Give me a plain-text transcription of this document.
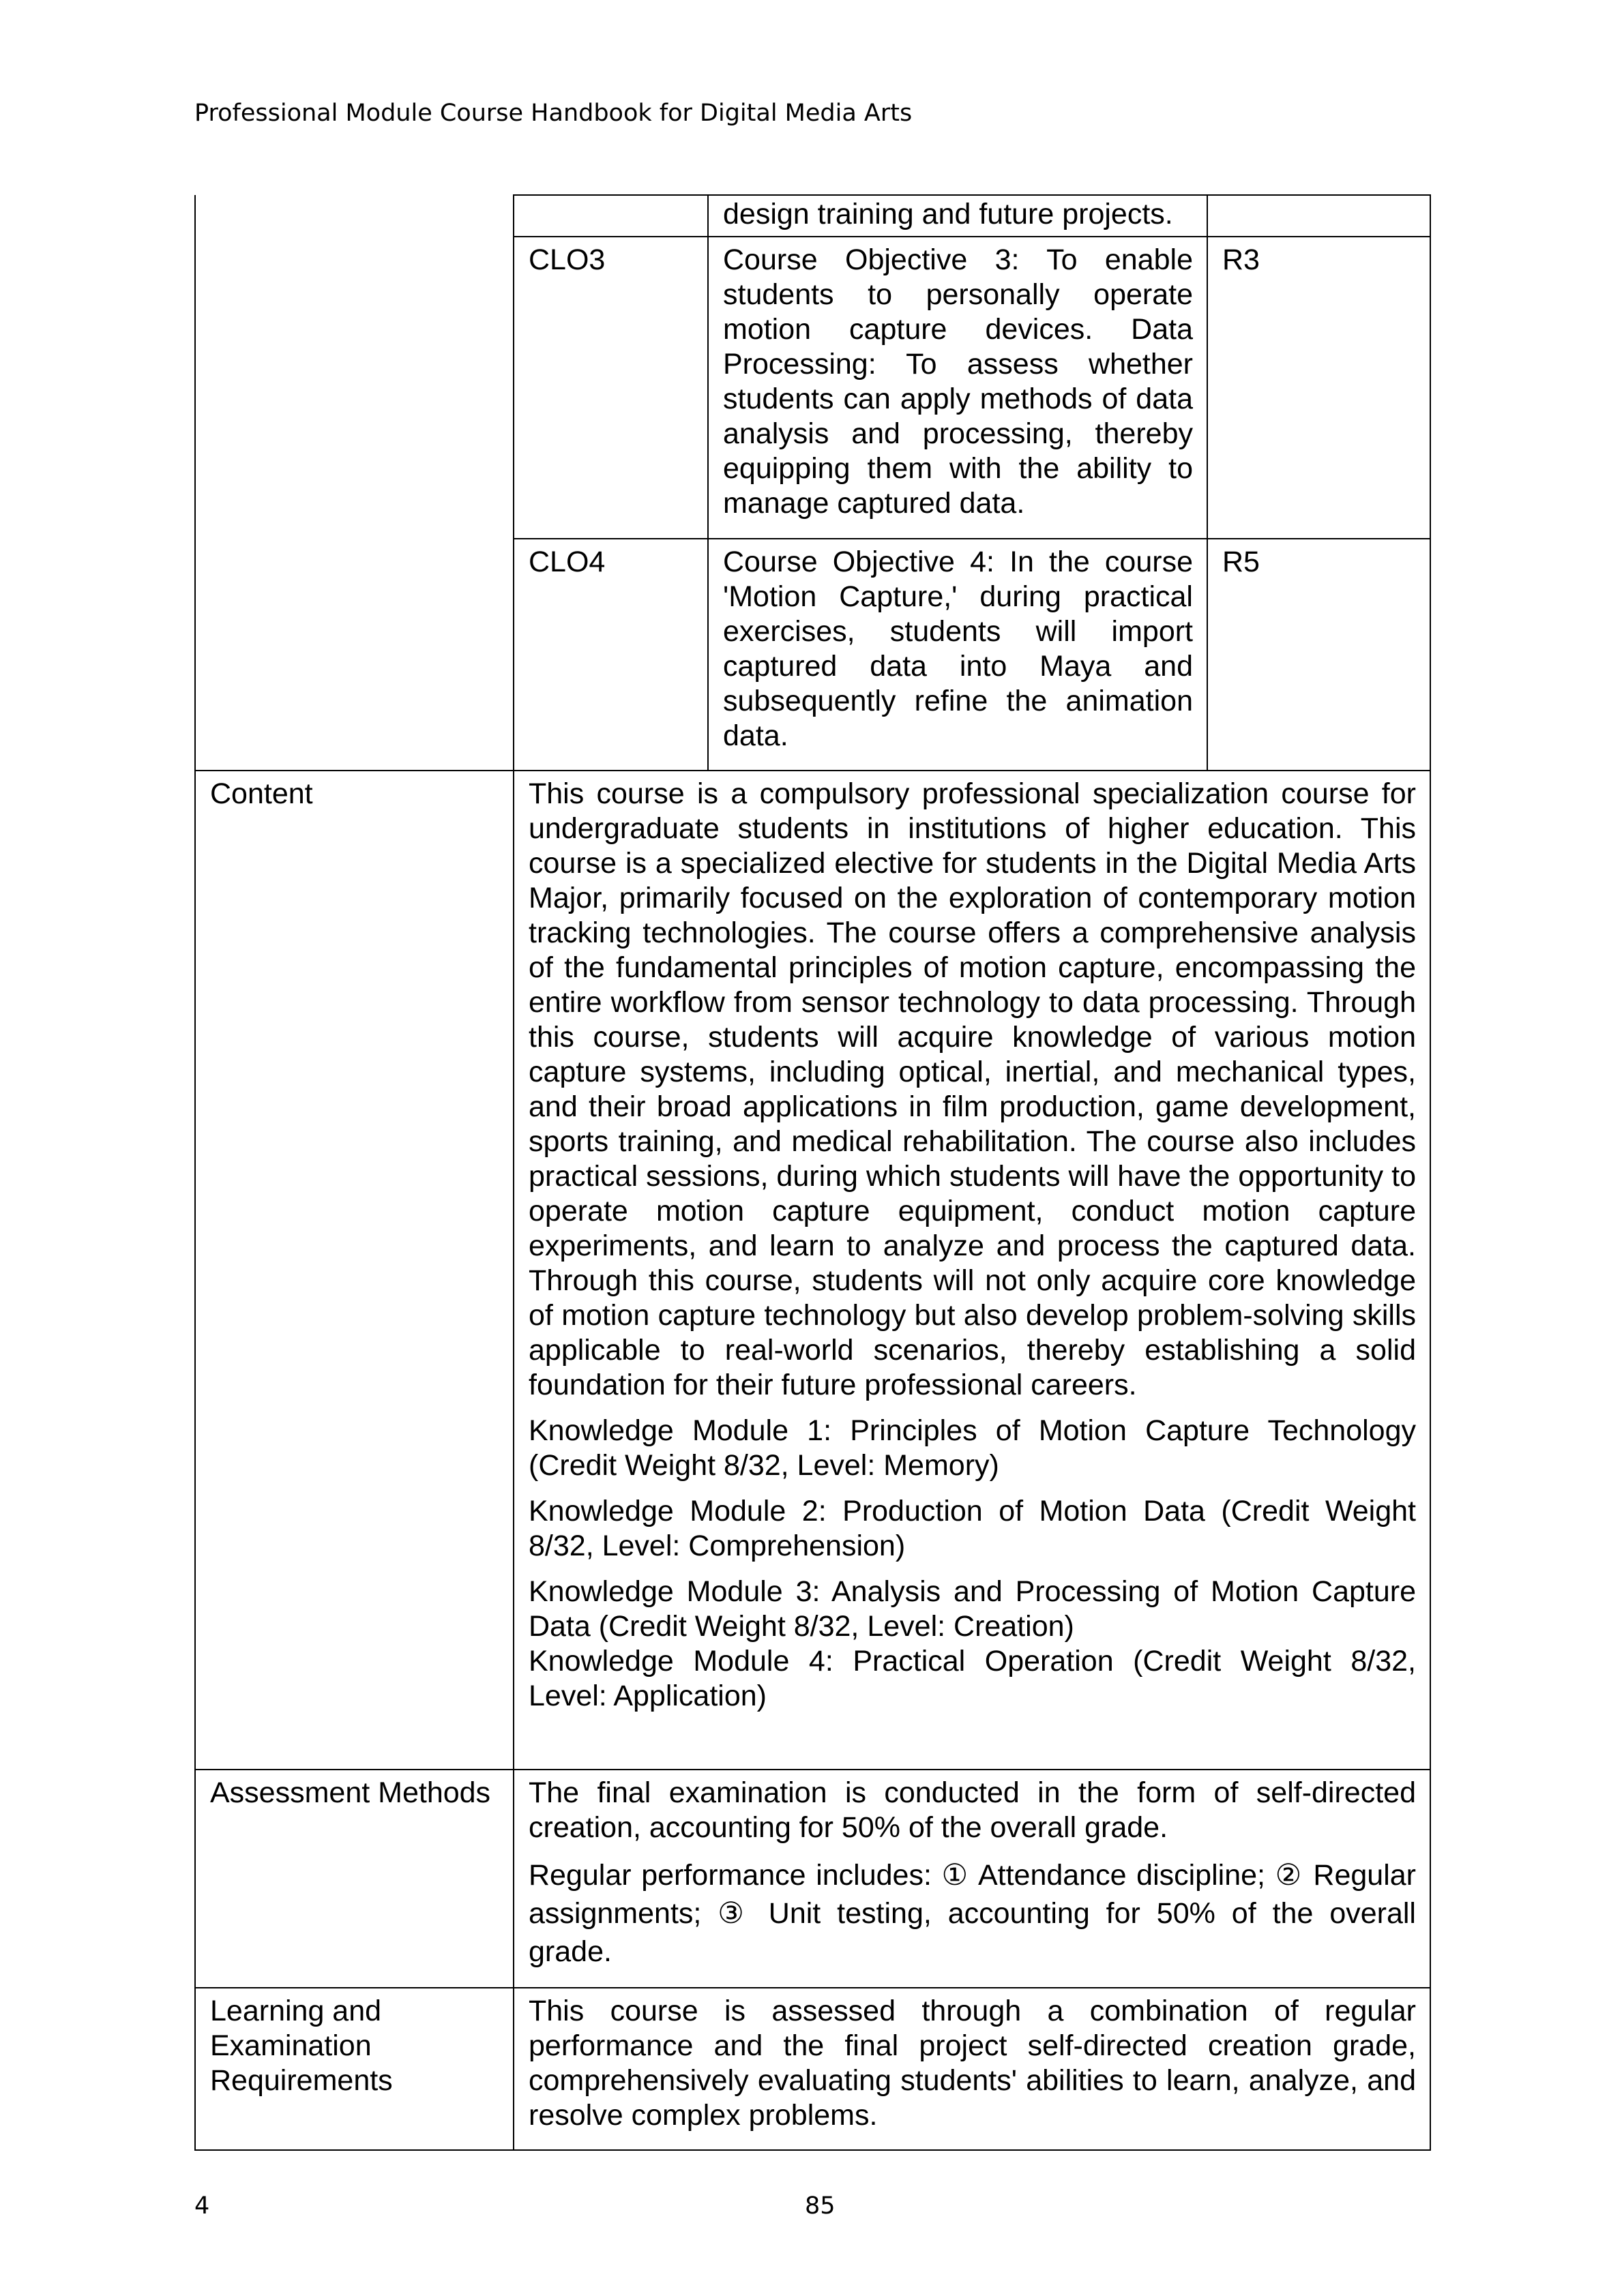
Professional Module Course Handbook for Digital Media Arts
		design training and future projects.	
	CLO3	Course Objective 3: To enable students to personally operate motion capture devices. Data Processing: To assess whether students can apply methods of data analysis and processing, thereby equipping them with the ability to manage captured data.	R3
	CLO4	Course Objective 4: In the course 'Motion Capture,' during practical exercises, students will import captured data into Maya and subsequently refine the animation data.	R5
Content	This course is a compulsory professional specialization course for undergraduate students in institutions of higher education. This course is a specialized elective for students in the Digital Media Arts Major, primarily focused on the exploration of contemporary motion tracking technologies. The course offers a comprehensive analysis of the fundamental principles of motion capture, encompassing the entire workflow from sensor technology to data processing. Through this course, students will acquire knowledge of various motion capture systems, including optical, inertial, and mechanical types, and their broad applications in film production, game development, sports training, and medical rehabilitation. The course also includes practical sessions, during which students will have the opportunity to operate motion capture equipment, conduct motion capture experiments, and learn to analyze and process the captured data. Through this course, students will not only acquire core knowledge of motion capture technology but also develop problem-solving skills applicable to real-world scenarios, thereby establishing a solid foundation for their future professional careers.

Knowledge Module 1: Principles of Motion Capture Technology (Credit Weight 8/32, Level: Memory)

Knowledge Module 2: Production of Motion Data (Credit Weight 8/32, Level: Comprehension)

Knowledge Module 3: Analysis and Processing of Motion Capture Data (Credit Weight 8/32, Level: Creation)

Knowledge Module 4: Practical Operation (Credit Weight 8/32, Level: Application)		

Assessment Methods	The final examination is conducted in the form of self-directed creation, accounting for 50% of the overall grade.

Regular performance includes: ① Attendance discipline; ② Regular assignments; ③ Unit testing, accounting for 50% of the overall grade.		

Learning and Examination Requirements	This course is assessed through a combination of regular performance and the final project self-directed creation grade, comprehensively evaluating students' abilities to learn, analyze, and resolve complex problems.		
4	85
